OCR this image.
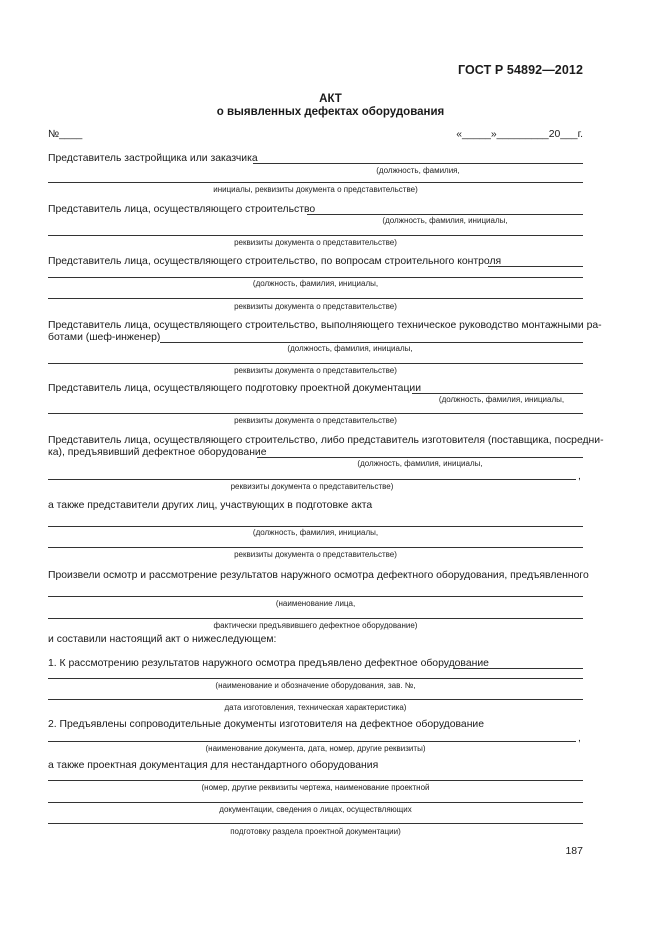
ГОСТ Р 54892—2012
АКТ
о выявленных дефектах оборудования
№____	«_____»_________20___г.
Представитель застройщика или заказчика
(должность, фамилия,
инициалы, реквизиты документа о представительстве)
Представитель лица, осуществляющего строительство
(должность, фамилия, инициалы,
реквизиты документа о представительстве)
Представитель лица, осуществляющего строительство, по вопросам строительного контроля
(должность, фамилия, инициалы,
реквизиты документа о представительстве)
Представитель лица, осуществляющего строительство, выполняющего техническое руководство монтажными ра-
ботами (шеф-инженер)
(должность, фамилия, инициалы,
реквизиты документа о представительстве)
Представитель лица, осуществляющего подготовку проектной документации
(должность, фамилия, инициалы,
реквизиты документа о представительстве)
Представитель лица, осуществляющего строительство, либо представитель изготовителя (поставщика, посредни-
ка), предъявивший дефектное оборудование
(должность, фамилия, инициалы,
,
реквизиты документа о представительстве)
а также представители других лиц, участвующих в подготовке акта
(должность, фамилия, инициалы,
реквизиты документа о представительстве)
Произвели осмотр и рассмотрение результатов наружного осмотра дефектного оборудования, предъявленного
(наименование лица,
фактически предъявившего дефектное оборудование)
и составили настоящий акт о нижеследующем:
1. К рассмотрению результатов наружного осмотра предъявлено дефектное оборудование
(наименование и обозначение оборудования, зав. №,
дата изготовления, техническая характеристика)
2. Предъявлены сопроводительные документы изготовителя на дефектное оборудование
,
(наименование документа, дата, номер, другие реквизиты)
а также проектная документация для нестандартного оборудования
(номер, другие реквизиты чертежа, наименование проектной
документации, сведения о лицах, осуществляющих
подготовку раздела проектной документации)
187
